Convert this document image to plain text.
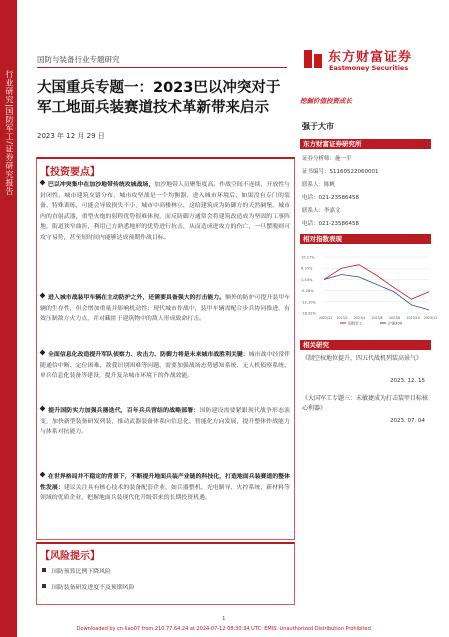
行业研究|国防军工/证券研究报告
国防与装备行业专题研究	东方财富证券
Eastmoney Securities
挖掘价值投资成长
大国重兵专题一：2023巴以冲突对于军工地面兵装赛道技术革新带来启示
2023 年 12 月 29 日
强于大市
东方财富证券研究所
证券分析师：施一平
证书编号：S1160522060001
联系人：陈帆
电话：021-23586458
联系人：李嘉文
电话：021-23586458
相对指数表现
15.17%
8.35%
1.54%
-5.28%
-12.10%
-18.92%
2022/12 2023/2 2023/4 2023/6 2023/8 2023/10 2023/12
国防军工	沪深300
相关研究
《制空权地位提升，四五代战机列装高景气》
2023. 12. 15
《大国军工专题三：未敏捷成为打击装甲目标核心利器》
2023. 07. 04
【投资要点】
巴以冲突集中在加沙地带传统攻城战场，加沙地带人员聚集度高、作战空间不连续、开放性与封闭性，城市建筑交错分布，城市攻坚战是一个均衡器，进入城市环境后，如果没有专门的装备、特殊训练，可能会导致损失不小，城市中高楼林立，这给建筑成为防御方的天然碉堡。城市内的直射武器，重型火炮的射程优势很难体现，而反防御方通常会将建筑改造成为坚固的工事阵地，街道狭窄曲折，利用已方熟悉地形的优势进行抗击，从而造成进攻方的伤亡，一旦摆脱则可攻守易势，甚至短时间内能够达成预期作战目标。
进入城市战装甲车辆在主动防护之外，还需要具备强大的打击能力。额外的防护可提升装甲车辆的生存性，但会增加重量并影响机动性；现代城市作战中，装甲车辆需配合步兵协同推进，有效压制敌方火力点，并对藏匿于建筑物中的敌人形成致命打击。
全面信息化改造提升军队侦察力、攻击力、防御力将是未来城市战胜利关键：城市战中经常伴随通信中断、定位困难、敌我识别困难等问题，需要加强战场态势感知系统、无人机侦察系统、单兵信息化装备等建设，提升复杂城市环境下的作战效能。
提升国防实力加强兵器迭代，百年兵兵营结的战略部署：国防建设需要紧跟现代战争形态演变，加快新型装备研发列装，推动武器装备体系向信息化、智能化方向发展，提升整体作战能力与体系对抗能力。
在世界格局并不稳定的背景下，不断提升地面兵装产业链的科技化，打造地面兵装赛道的整体性发展：建议关注具有核心技术的装备配套企业，如兵器整机、光电制导、火控系统、新材料等领域的优质企业，把握地面兵装现代化升级带来的长期投资机遇。
【风险提示】
国防预算比例下降风险
国防装备研发进度不及预期风险
1
Downloaded by cn-liao07 from 210.77.64.24 at 2024-07-12 08:30:34 UTC. EMIS. Unauthorized Distribution Prohibited.
